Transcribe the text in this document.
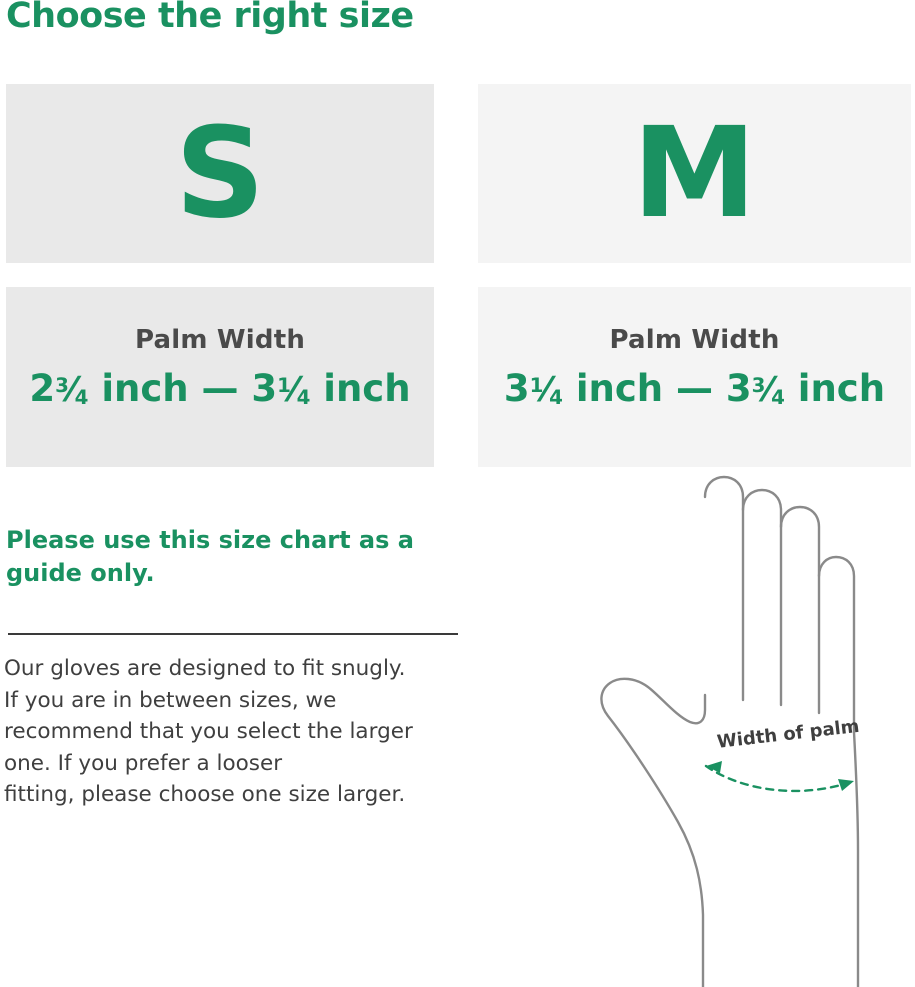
Choose the right size
S	M
Palm Width
$2^3⁄_4$ inch — $3^1⁄_4$ inch
Palm Width
$3^1⁄_4$ inch — $3^3⁄_4$ inch
Please use this size chart as a guide only.

Our gloves are designed to fit snugly.

If you are in between sizes, we

recommend that you select the larger

one. If you prefer a looser

fitting, please choose one size larger.

Width of palm
